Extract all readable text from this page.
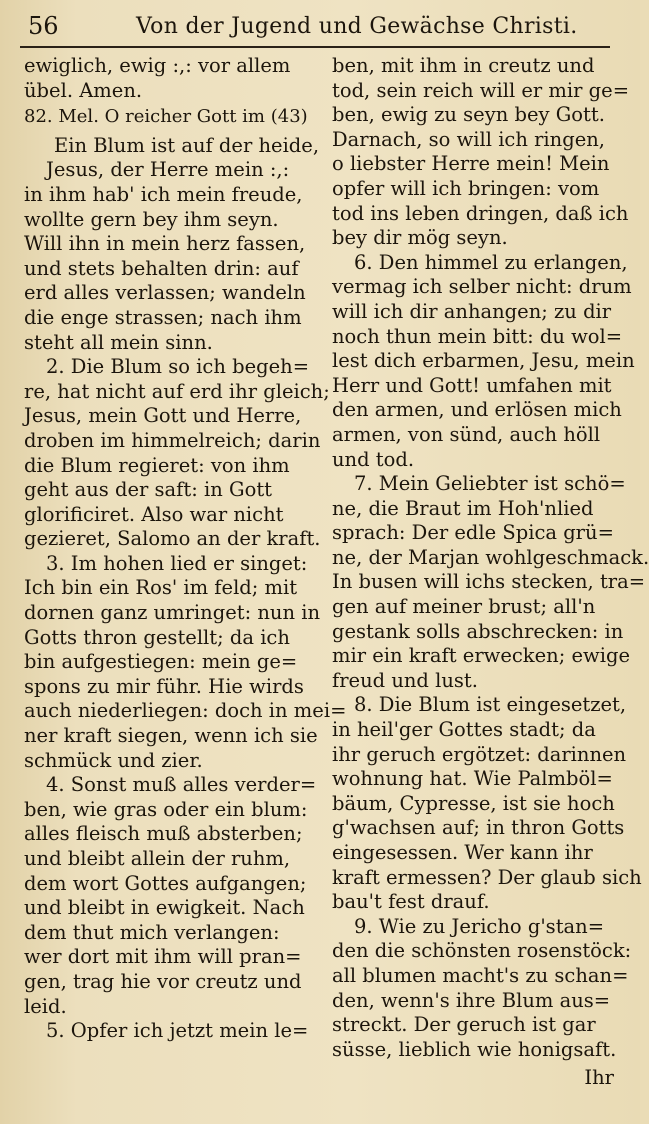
56	Von der Jugend und Gewächse Christi.
ewiglich, ewig :,: vor allem
übel. Amen.
82. Mel. O reicher Gott im (43)
Ein Blum ist auf der heide,
Jesus, der Herre mein :,:
in ihm hab' ich mein freude,
wollte gern bey ihm seyn.
Will ihn in mein herz fassen,
und stets behalten drin: auf
erd alles verlassen; wandeln
die enge strassen; nach ihm
steht all mein sinn.
2. Die Blum so ich begeh=
re, hat nicht auf erd ihr gleich;
Jesus, mein Gott und Herre,
droben im himmelreich; darin
die Blum regieret: von ihm
geht aus der saft: in Gott
glorificiret. Also war nicht
gezieret, Salomo an der kraft.
3. Im hohen lied er singet:
Ich bin ein Ros' im feld; mit
dornen ganz umringet: nun in
Gotts thron gestellt; da ich
bin aufgestiegen: mein ge=
spons zu mir führ. Hie wirds
auch niederliegen: doch in mei=
ner kraft siegen, wenn ich sie
schmück und zier.
4. Sonst muß alles verder=
ben, wie gras oder ein blum:
alles fleisch muß absterben;
und bleibt allein der ruhm,
dem wort Gottes aufgangen;
und bleibt in ewigkeit. Nach
dem thut mich verlangen:
wer dort mit ihm will pran=
gen, trag hie vor creutz und
leid.
5. Opfer ich jetzt mein le=
ben, mit ihm in creutz und
tod, sein reich will er mir ge=
ben, ewig zu seyn bey Gott.
Darnach, so will ich ringen,
o liebster Herre mein! Mein
opfer will ich bringen: vom
tod ins leben dringen, daß ich
bey dir mög seyn.
6. Den himmel zu erlangen,
vermag ich selber nicht: drum
will ich dir anhangen; zu dir
noch thun mein bitt: du wol=
lest dich erbarmen, Jesu, mein
Herr und Gott! umfahen mit
den armen, und erlösen mich
armen, von sünd, auch höll
und tod.
7. Mein Geliebter ist schö=
ne, die Braut im Hoh'nlied
sprach: Der edle Spica grü=
ne, der Marjan wohlgeschmack.
In busen will ichs stecken, tra=
gen auf meiner brust; all'n
gestank solls abschrecken: in
mir ein kraft erwecken; ewige
freud und lust.
8. Die Blum ist eingesetzet,
in heil'ger Gottes stadt; da
ihr geruch ergötzet: darinnen
wohnung hat. Wie Palmböl=
bäum, Cypresse, ist sie hoch
g'wachsen auf; in thron Gotts
eingesessen. Wer kann ihr
kraft ermessen? Der glaub sich
bau't fest drauf.
9. Wie zu Jericho g'stan=
den die schönsten rosenstöck:
all blumen macht's zu schan=
den, wenn's ihre Blum aus=
streckt. Der geruch ist gar
süsse, lieblich wie honigsaft.
Ihr
